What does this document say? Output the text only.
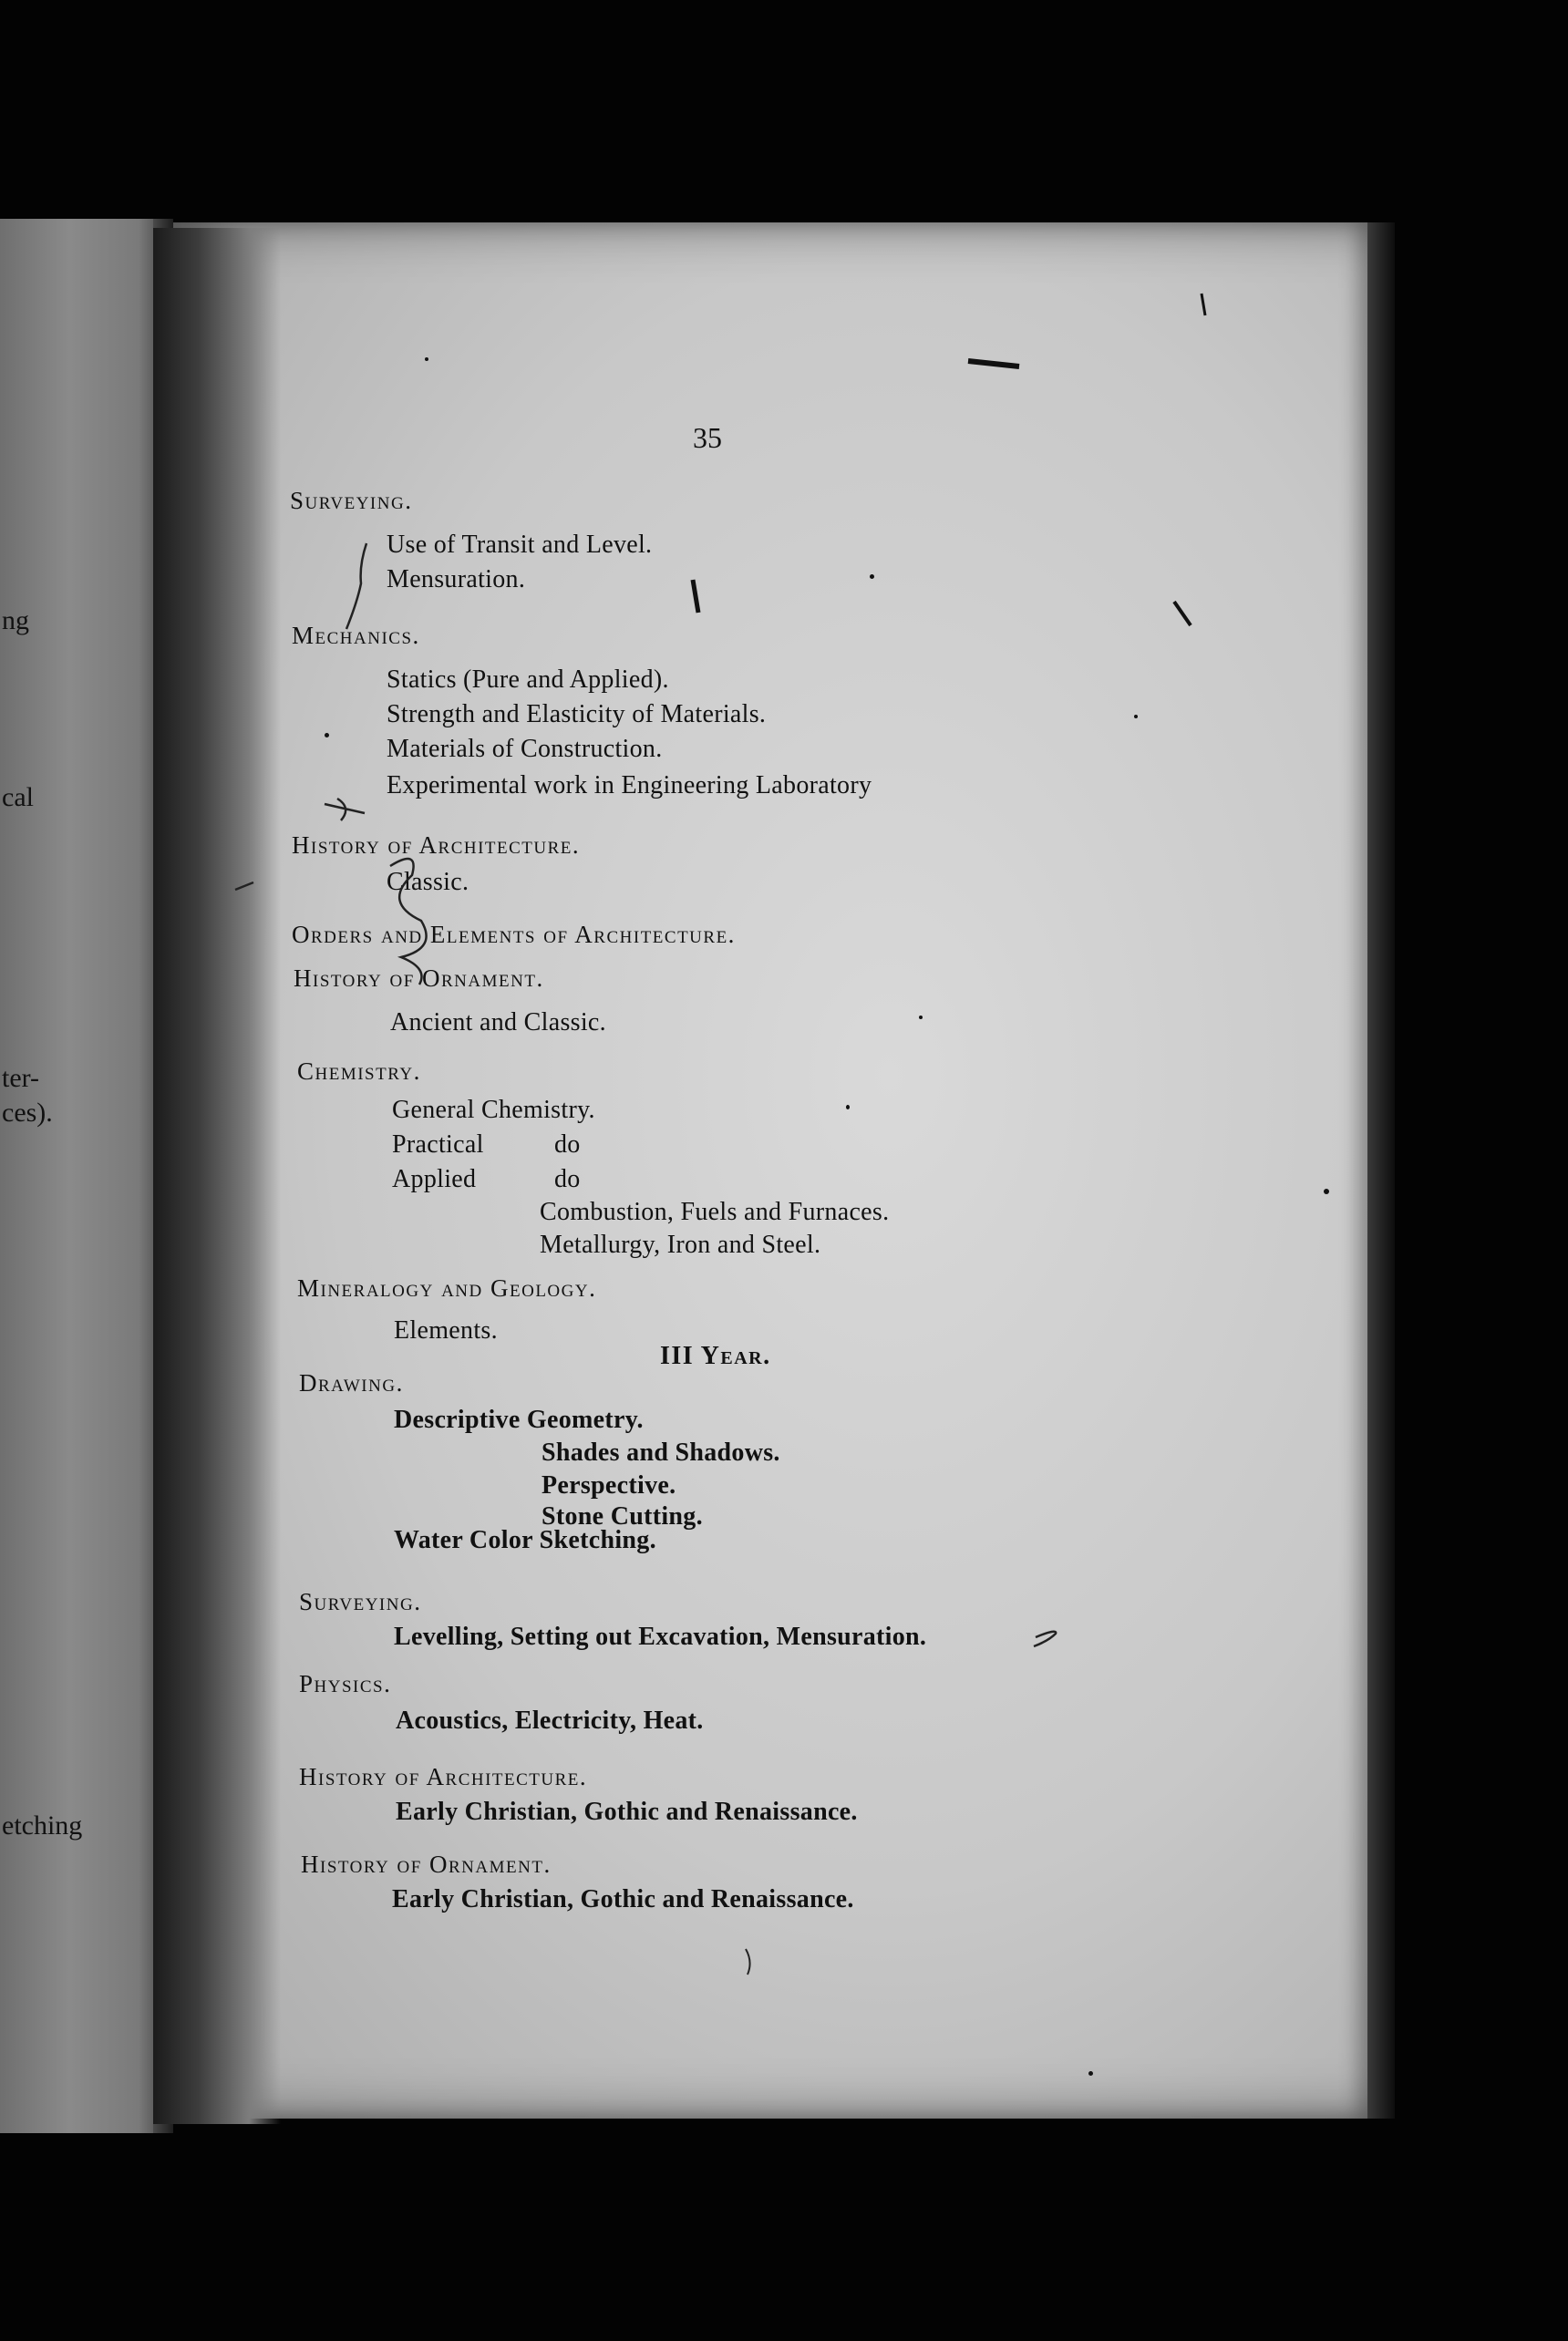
ng
cal
ter-
ces).
etching
35
Surveying.
Use of Transit and Level.
Mensuration.
Mechanics.
Statics (Pure and Applied).
Strength and Elasticity of Materials.
Materials of Construction.
Experimental work in Engineering Laboratory
History of Architecture.
Classic.
Orders and Elements of Architecture.
History of Ornament.
Ancient and Classic.
Chemistry.
General Chemistry.
Practical	do
Applied	do
Combustion, Fuels and Furnaces.
Metallurgy, Iron and Steel.
Mineralogy and Geology.
Elements.
III Year.
Drawing.
Descriptive Geometry.
Shades and Shadows.
Perspective.
Stone Cutting.
Water Color Sketching.
Surveying.
Levelling, Setting out Excavation, Mensuration.
Physics.
Acoustics, Electricity, Heat.
History of Architecture.
Early Christian, Gothic and Renaissance.
History of Ornament.
Early Christian, Gothic and Renaissance.
